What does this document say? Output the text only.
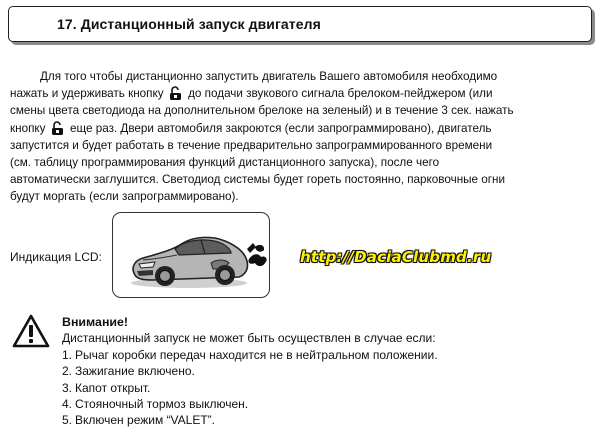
17. Дистанционный запуск двигателя
Для того чтобы дистанционно запустить двигатель Вашего автомобиля необходимо
нажать и удерживать кнопку  до подачи звукового сигнала брелоком-пейджером (или
смены цвета светодиода на дополнительном брелоке на зеленый) и в течение 3 сек. нажать
кнопку  еще раз. Двери автомобиля закроются (если запрограммировано), двигатель
запустится и будет работать в течение предварительно запрограммированного времени
(см. таблицу программирования функций дистанционного запуска), после чего
автоматически заглушится. Светодиод системы будет гореть постоянно, парковочные огни
будут моргать (если запрограммировано).
Индикация LCD:	http://DaciaClubmd.ru
Внимание!
Дистанционный запуск не может быть осуществлен в случае если:
1. Рычаг коробки передач находится не в нейтральном положении.
2. Зажигание включено.
3. Капот открыт.
4. Стояночный тормоз выключен.
5. Включен режим “VALET”.
